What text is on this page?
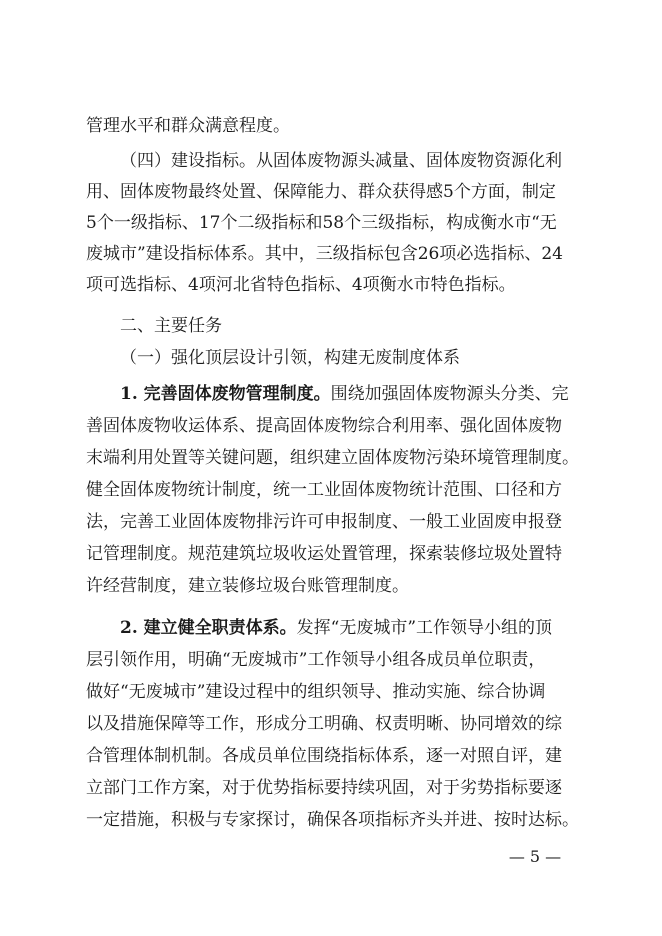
管理水平和群众满意程度。
（四）建设指标。从固体废物源头减量、固体废物资源化利
用、固体废物最终处置、保障能力、群众获得感5个方面，制定
5个一级指标、17个二级指标和58个三级指标，构成衡水市“无
废城市”建设指标体系。其中，三级指标包含26项必选指标、24
项可选指标、4项河北省特色指标、4项衡水市特色指标。
二、主要任务
（一）强化顶层设计引领，构建无废制度体系
1. 完善固体废物管理制度。围绕加强固体废物源头分类、完
善固体废物收运体系、提高固体废物综合利用率、强化固体废物
末端利用处置等关键问题，组织建立固体废物污染环境管理制度。
健全固体废物统计制度，统一工业固体废物统计范围、口径和方
法，完善工业固体废物排污许可申报制度、一般工业固废申报登
记管理制度。规范建筑垃圾收运处置管理，探索装修垃圾处置特
许经营制度，建立装修垃圾台账管理制度。
2. 建立健全职责体系。发挥“无废城市”工作领导小组的顶
层引领作用，明确“无废城市”工作领导小组各成员单位职责，
做好“无废城市”建设过程中的组织领导、推动实施、综合协调
以及措施保障等工作，形成分工明确、权责明晰、协同增效的综
合管理体制机制。各成员单位围绕指标体系，逐一对照自评，建
立部门工作方案，对于优势指标要持续巩固，对于劣势指标要逐
一定措施，积极与专家探讨，确保各项指标齐头并进、按时达标。
— 5 —
